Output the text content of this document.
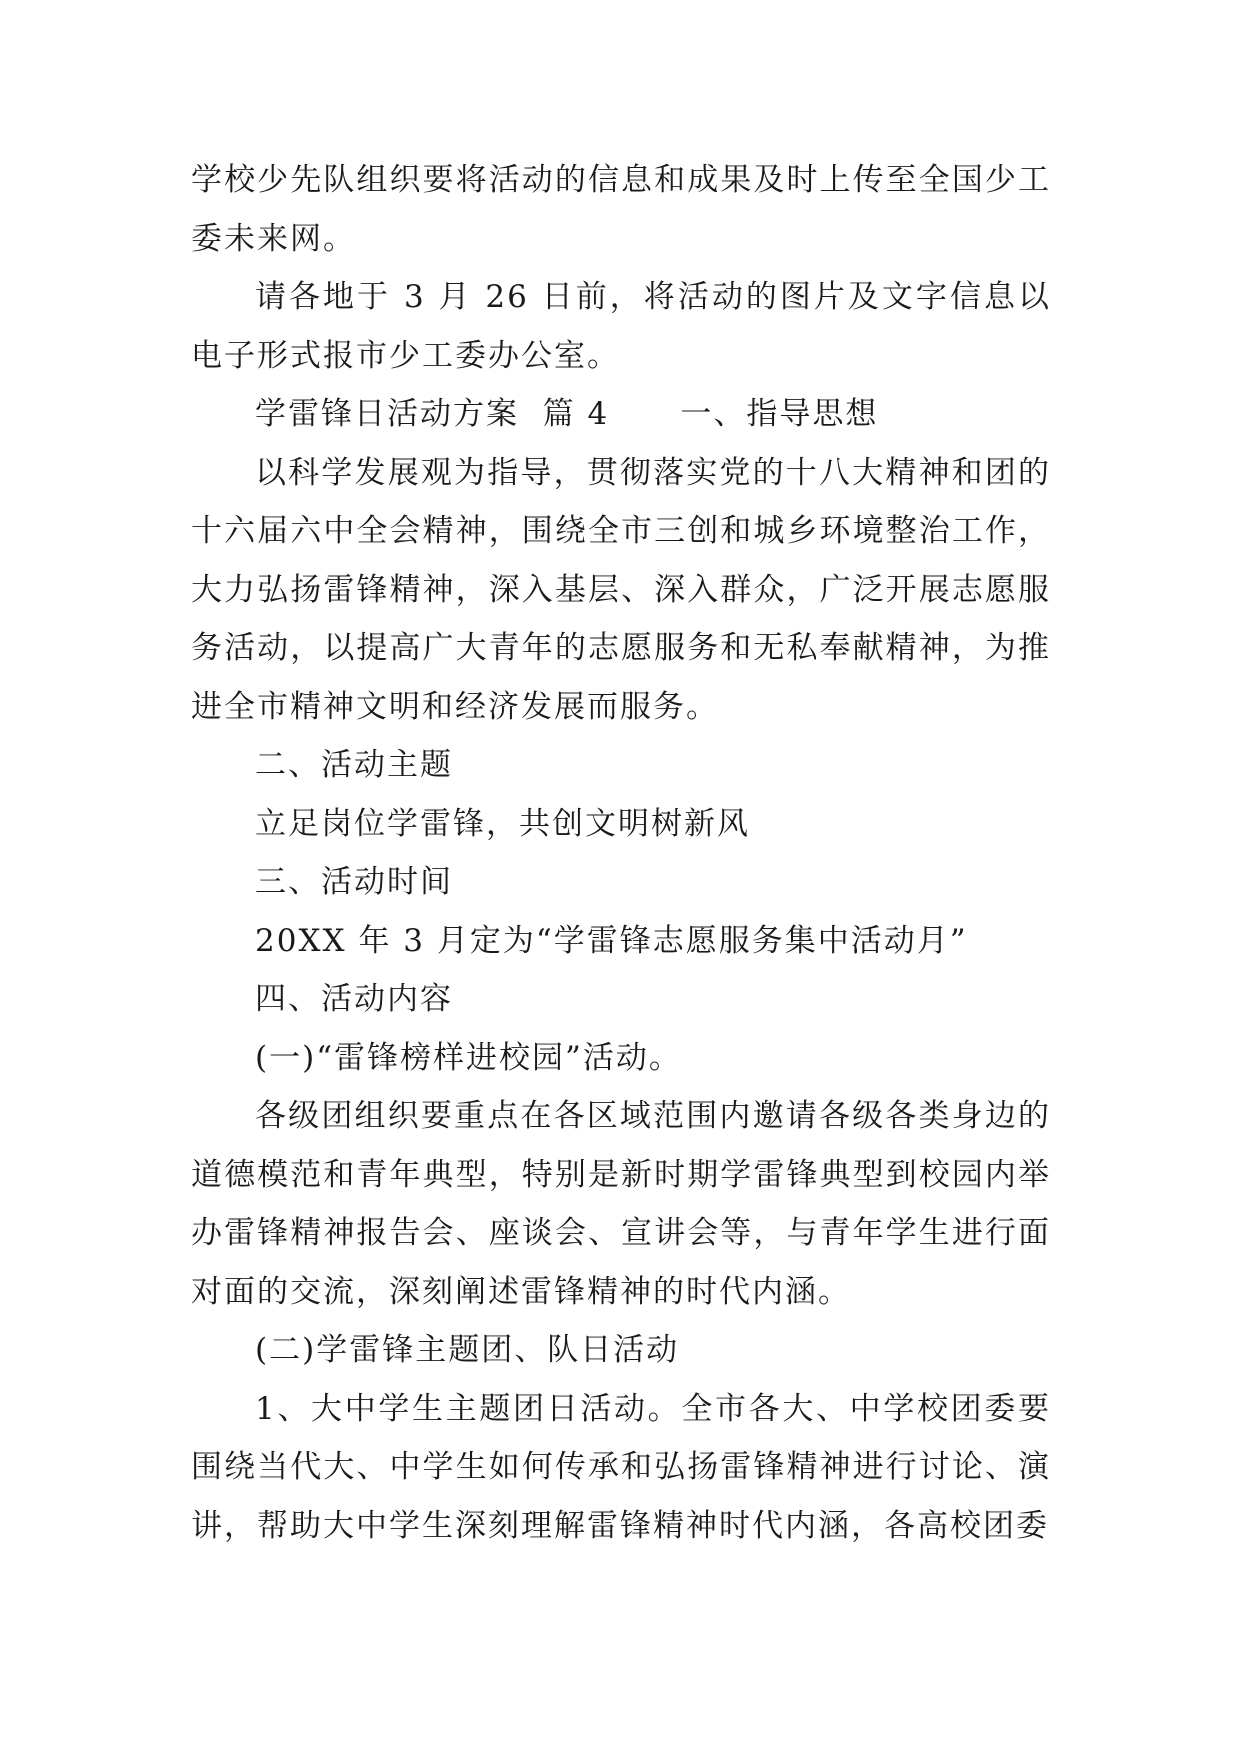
学校少先队组织要将活动的信息和成果及时上传至全国少工委未来网。

请各地于 3 月 26 日前，将活动的图片及文字信息以电子形式报市少工委办公室。

学雷锋日活动方案  篇 4      一、指导思想

以科学发展观为指导，贯彻落实党的十八大精神和团的十六届六中全会精神，围绕全市三创和城乡环境整治工作，大力弘扬雷锋精神，深入基层、深入群众，广泛开展志愿服务活动，以提高广大青年的志愿服务和无私奉献精神，为推进全市精神文明和经济发展而服务。

二、活动主题

立足岗位学雷锋，共创文明树新风

三、活动时间

20XX 年 3 月定为“学雷锋志愿服务集中活动月”

四、活动内容

(一)“雷锋榜样进校园”活动。

各级团组织要重点在各区域范围内邀请各级各类身边的道德模范和青年典型，特别是新时期学雷锋典型到校园内举办雷锋精神报告会、座谈会、宣讲会等，与青年学生进行面对面的交流，深刻阐述雷锋精神的时代内涵。

(二)学雷锋主题团、队日活动

1、大中学生主题团日活动。全市各大、中学校团委要围绕当代大、中学生如何传承和弘扬雷锋精神进行讨论、演讲，帮助大中学生深刻理解雷锋精神时代内涵，各高校团委
